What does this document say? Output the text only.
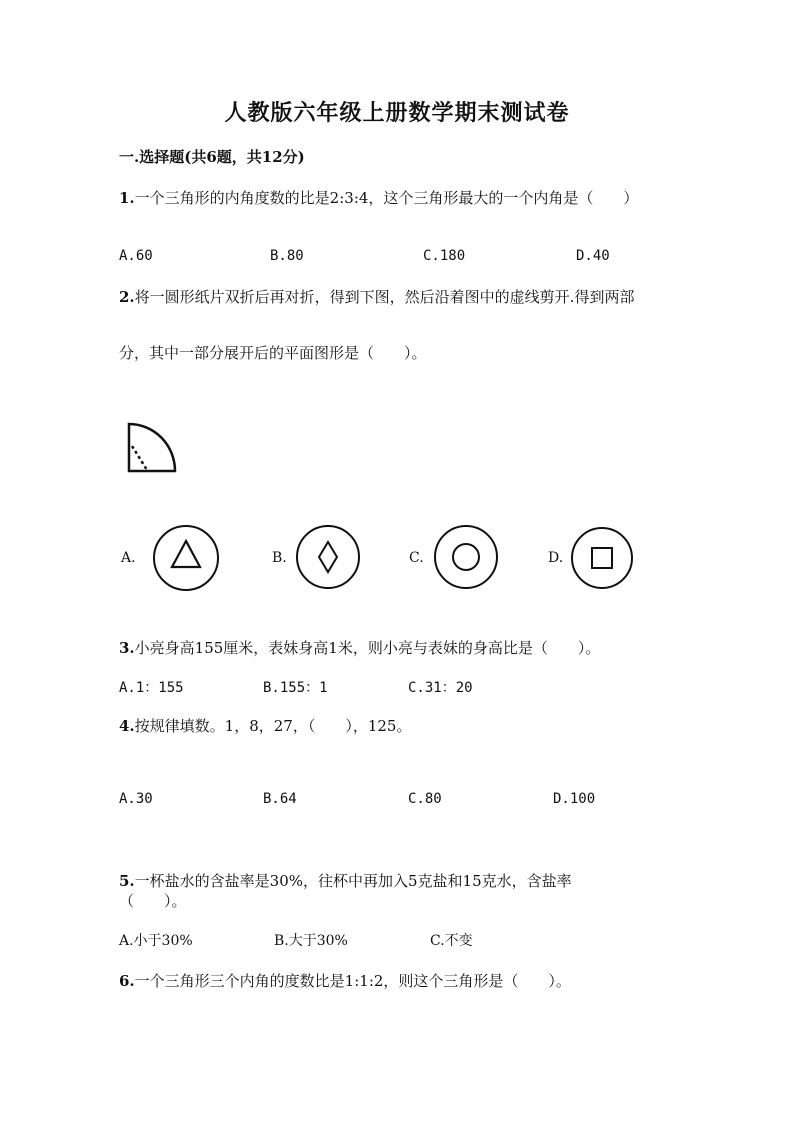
人教版六年级上册数学期末测试卷
一.选择题(共6题，共12分)
1.一个三角形的内角度数的比是2:3:4，这个三角形最大的一个内角是（　　）
A.60	B.80	C.180	D.40
2.将一圆形纸片双折后再对折，得到下图，然后沿着图中的虚线剪开.得到两部
分，其中一部分展开后的平面图形是（　　）。
A.	B.	C.	D.
3.小亮身高155厘米，表妹身高1米，则小亮与表妹的身高比是（　　）。
A.1：155	B.155：1	C.31：20
4.按规律填数。1，8，27，（　　），125。
A.30	B.64	C.80	D.100
5.一杯盐水的含盐率是30%，往杯中再加入5克盐和15克水，含盐率
（　　）。
A.小于30%	B.大于30%	C.不变
6.一个三角形三个内角的度数比是1:1:2，则这个三角形是（　　）。
